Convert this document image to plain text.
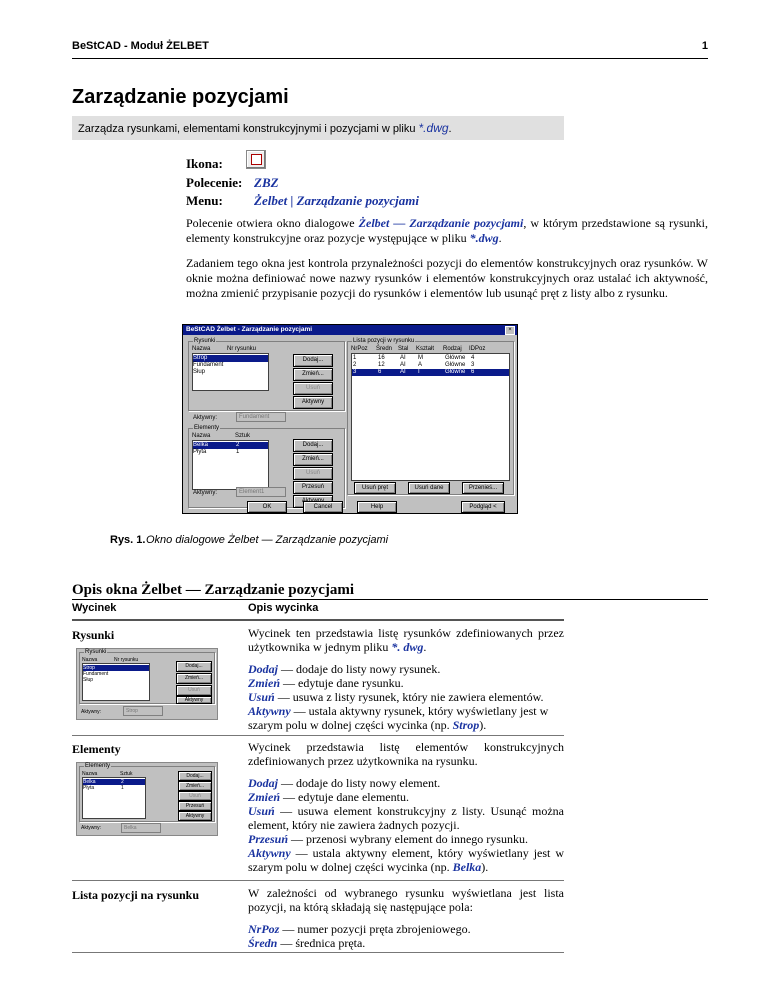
BeStCAD - Moduł ŻELBET	1
Zarządzanie pozycjami
Zarządza rysunkami, elementami konstrukcyjnymi i pozycjami w pliku *.dwg.
Ikona:
Polecenie: ZBZ
Menu: Żelbet | Zarządzanie pozycjami
Polecenie otwiera okno dialogowe Żelbet — Zarządzanie pozycjami, w którym przedstawione są rysunki, elementy konstrukcyjne oraz pozycje występujące w pliku *.dwg.
Zadaniem tego okna jest kontrola przynależności pozycji do elementów konstrukcyjnych oraz rysunków. W oknie można definiować nowe nazwy rysunków i elementów konstrukcyjnych oraz ustalać ich aktywność, można zmienić przypisanie pozycji do rysunków i elementów lub usunąć pręt z listy albo z rysunku.
BeStCAD Żelbet - Zarządzanie pozycjami	×
Rysunki
Nazwa	Nr rysunku
Strop
Fundament
Słup
Dodaj...
Zmień...
Usuń
Aktywny
Aktywny:	Fundament
Elementy
Nazwa	Sztuk
Belka	2
Płyta	1
Dodaj...
Zmień...
Usuń
Przesuń
Aktywny:	Element1
Lista pozycji w rysunku
NrPoz Średn Stal Kształt Rodzaj IDPoz
1	16	AI M	Główne 4
2	12	AI A	Główne 3
3	6	AI I	Główne 6
Usuń pręt	Usuń dane	Przenieś...
OK	Cancel	Help	Podgląd <
Rys. 1. Okno dialogowe Żelbet — Zarządzanie pozycjami
Opis okna Żelbet — Zarządzanie pozycjami
Wycinek	Opis wycinka
Rysunki	Wycinek ten przedstawia listę rysunków zdefiniowanych przez użytkownika w jednym pliku *. dwg.
Dodaj — dodaje do listy nowy rysunek.
Zmień — edytuje dane rysunku.
Usuń — usuwa z listy rysunek, który nie zawiera elementów.
Aktywny — ustala aktywny rysunek, który wyświetlany jest w szarym polu w dolnej części wycinka (np. Strop).
Rysunki
Nazwa	Nr rysunku
Strop
Fundament
Słup
Dodaj...
Zmień...
Usuń
Aktywny
Aktywny:	Strop
Elementy	Wycinek przedstawia listę elementów konstrukcyjnych zdefiniowanych przez użytkownika na rysunku.
Dodaj — dodaje do listy nowy element.
Zmień — edytuje dane elementu.
Usuń — usuwa element konstrukcyjny z listy. Usunąć można element, który nie zawiera żadnych pozycji.
Przesuń — przenosi wybrany element do innego rysunku.
Aktywny — ustala aktywny element, który wyświetlany jest w szarym polu w dolnej części wycinka (np. Belka).
Elementy
Nazwa	Sztuk
Belka	2
Płyta	1
Dodaj...
Zmień...
Usuń
Przesuń
Aktywny
Aktywny:	Belka
Lista pozycji na rysunku	W zależności od wybranego rysunku wyświetlana jest lista pozycji, na którą składają się następujące pola:
NrPoz — numer pozycji pręta zbrojeniowego.
Średn — średnica pręta.
